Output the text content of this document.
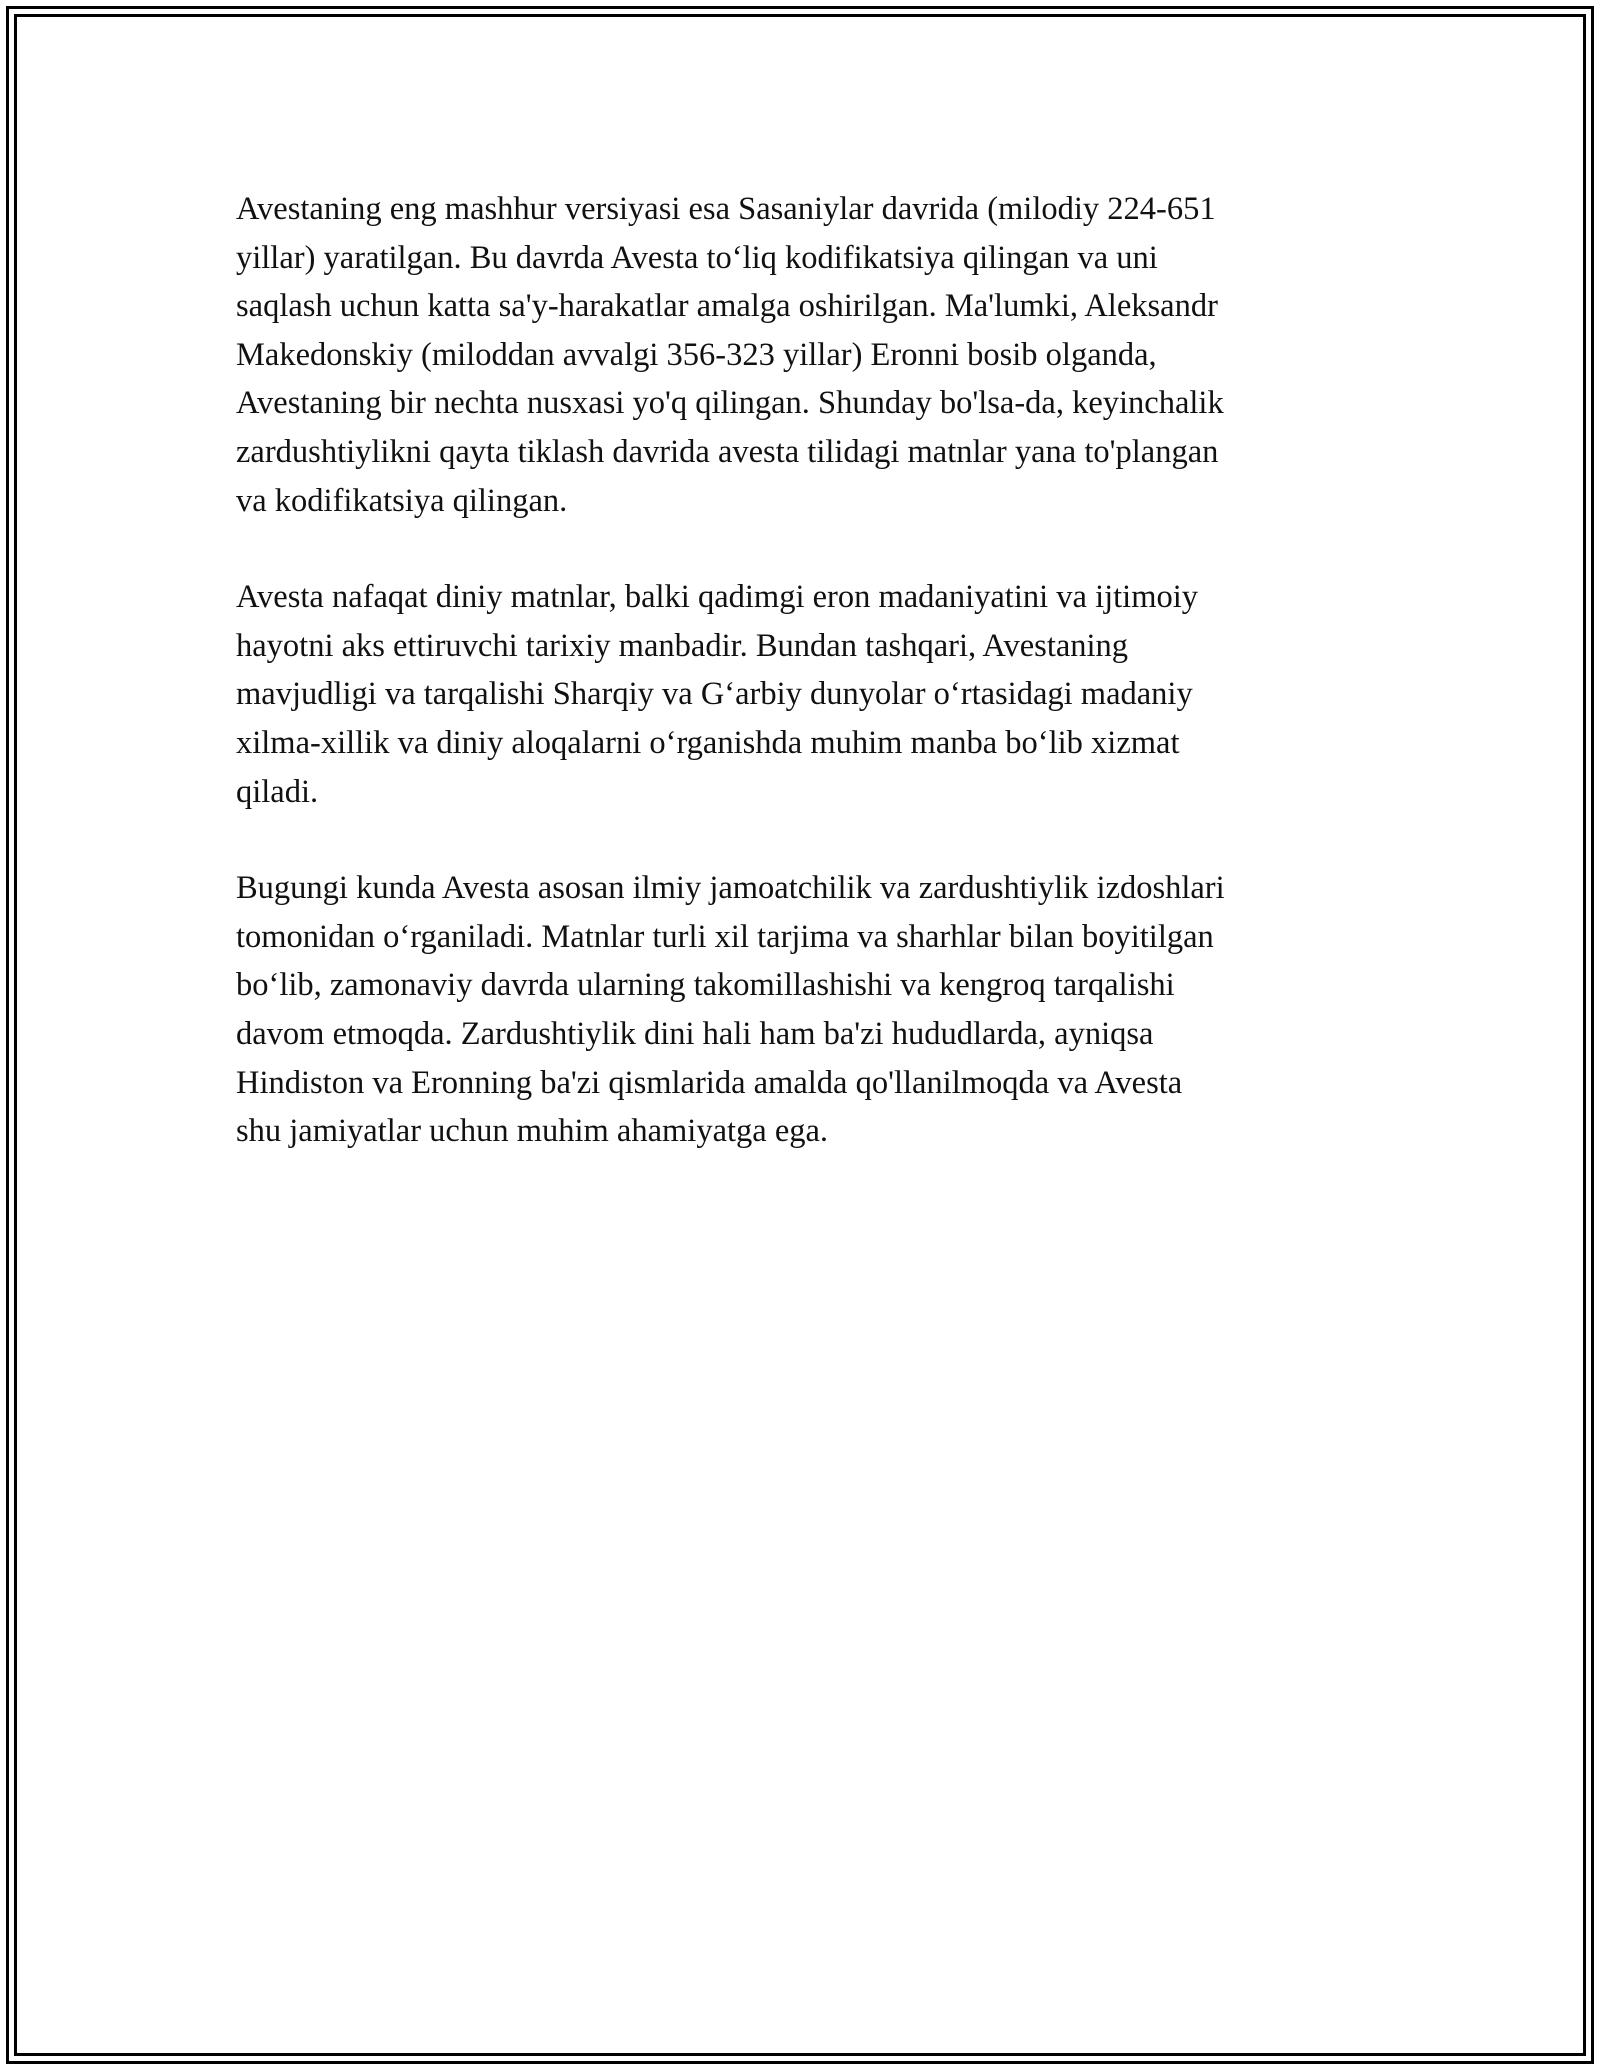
Avestaning eng mashhur versiyasi esa Sasaniylar davrida (milodiy 224-651
yillar) yaratilgan. Bu davrda Avesta to‘liq kodifikatsiya qilingan va uni
saqlash uchun katta sa'y-harakatlar amalga oshirilgan. Ma'lumki, Aleksandr
Makedonskiy (miloddan avvalgi 356-323 yillar) Eronni bosib olganda,
Avestaning bir nechta nusxasi yo'q qilingan. Shunday bo'lsa-da, keyinchalik
zardushtiylikni qayta tiklash davrida avesta tilidagi matnlar yana to'plangan
va kodifikatsiya qilingan.

Avesta nafaqat diniy matnlar, balki qadimgi eron madaniyatini va ijtimoiy
hayotni aks ettiruvchi tarixiy manbadir. Bundan tashqari, Avestaning
mavjudligi va tarqalishi Sharqiy va G‘arbiy dunyolar o‘rtasidagi madaniy
xilma-xillik va diniy aloqalarni o‘rganishda muhim manba bo‘lib xizmat
qiladi.

Bugungi kunda Avesta asosan ilmiy jamoatchilik va zardushtiylik izdoshlari
tomonidan o‘rganiladi. Matnlar turli xil tarjima va sharhlar bilan boyitilgan
bo‘lib, zamonaviy davrda ularning takomillashishi va kengroq tarqalishi
davom etmoqda. Zardushtiylik dini hali ham ba'zi hududlarda, ayniqsa
Hindiston va Eronning ba'zi qismlarida amalda qo'llanilmoqda va Avesta
shu jamiyatlar uchun muhim ahamiyatga ega.
